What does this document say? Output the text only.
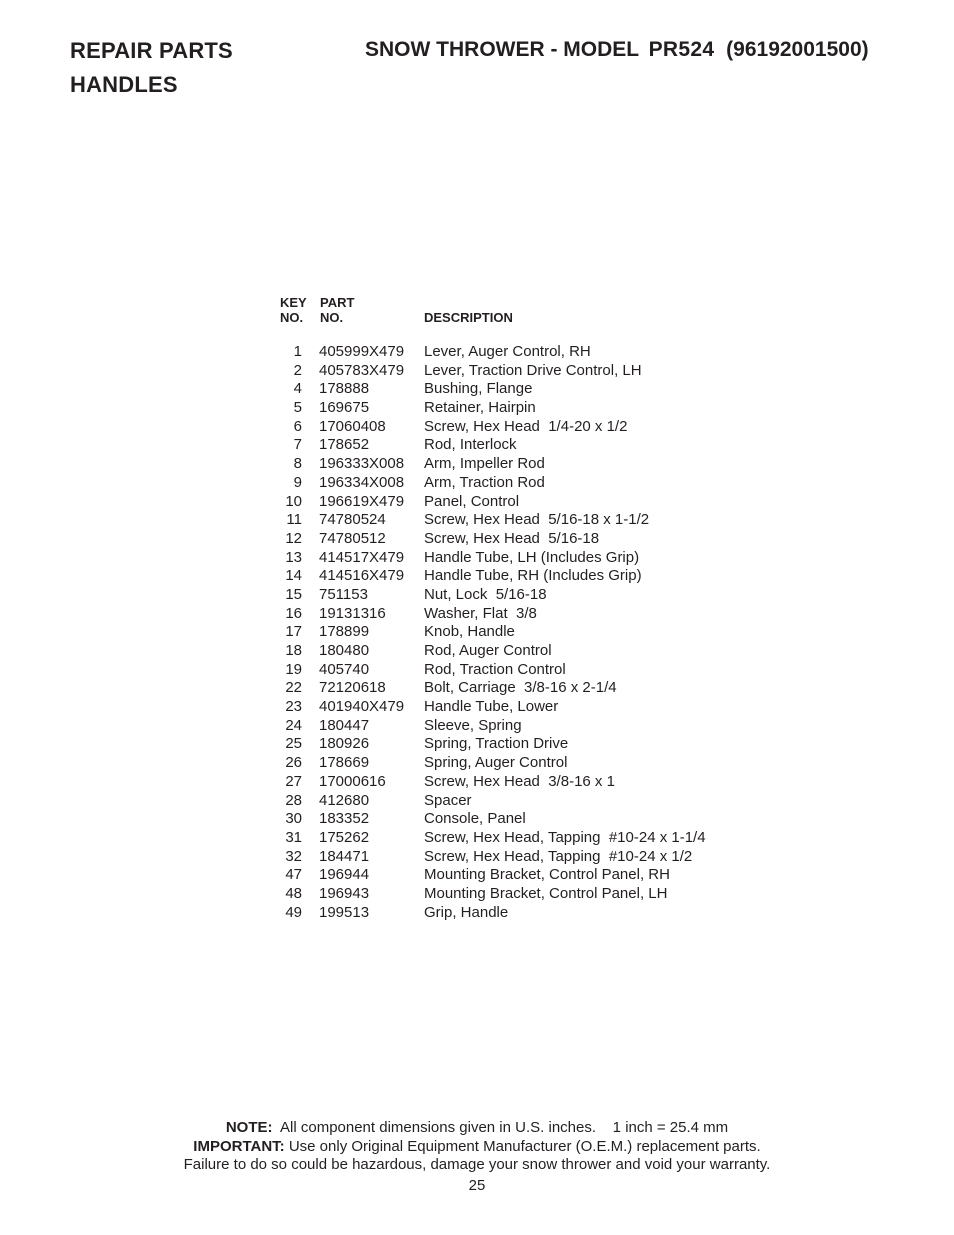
REPAIR PARTS
HANDLES
SNOW THROWER - MODEL PR524 (96192001500)
KEY
NO.
PART
NO.	DESCRIPTION
1 405999X479 Lever, Auger Control, RH
2 405783X479 Lever, Traction Drive Control, LH
4 178888	Bushing, Flange
5 169675	Retainer, Hairpin
6 17060408	Screw, Hex Head  1/4-20 x 1/2
7 178652	Rod, Interlock
8 196333X008 Arm, Impeller Rod
9 196334X008 Arm, Traction Rod
10 196619X479 Panel, Control
11 74780524	Screw, Hex Head  5/16-18 x 1-1/2
12 74780512	Screw, Hex Head  5/16-18
13 414517X479 Handle Tube, LH (Includes Grip)
14 414516X479 Handle Tube, RH (Includes Grip)
15 751153	Nut, Lock  5/16-18
16 19131316	Washer, Flat  3/8
17 178899	Knob, Handle
18 180480	Rod, Auger Control
19 405740	Rod, Traction Control
22 72120618	Bolt, Carriage  3/8-16 x 2-1/4
23 401940X479 Handle Tube, Lower
24 180447	Sleeve, Spring
25 180926	Spring, Traction Drive
26 178669	Spring, Auger Control
27 17000616	Screw, Hex Head  3/8-16 x 1
28 412680	Spacer
30 183352	Console, Panel
31 175262	Screw, Hex Head, Tapping  #10-24 x 1-1/4
32 184471	Screw, Hex Head, Tapping  #10-24 x 1/2
47 196944	Mounting Bracket, Control Panel, RH
48 196943	Mounting Bracket, Control Panel, LH
49 199513	Grip, Handle
NOTE: All component dimensions given in U.S. inches.    1 inch = 25.4 mm
IMPORTANT: Use only Original Equipment Manufacturer (O.E.M.) replacement parts.
Failure to do so could be hazardous, damage your snow thrower and void your warranty.
25
